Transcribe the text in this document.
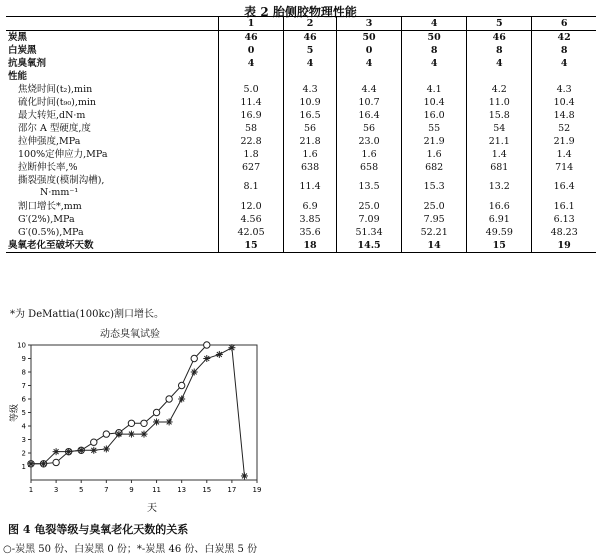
表 2 胎侧胶物理性能
	1	2	3	4	5	6
炭黑	46	46	50	50	46	42
白炭黑	0	5	0	8	8	8
抗臭氧剂	4	4	4	4	4	4
性能						
焦烧时间(t₂),min	5.0	4.3	4.4	4.1	4.2	4.3
硫化时间(t₉₀),min	11.4	10.9	10.7	10.4	11.0	10.4
最大转矩,dN·m	16.9	16.5	16.4	16.0	15.8	14.8
邵尔 A 型硬度,度	58	56	56	55	54	52
拉伸强度,MPa	22.8	21.8	23.0	21.9	21.1	21.9
100%定伸应力,MPa	1.8	1.6	1.6	1.6	1.4	1.4
拉断伸长率,%	627	638	658	682	681	714

撕裂强度(模制沟槽),
N·mm⁻¹	8.1	11.4	13.5	15.3	13.2	16.4
割口增长*,mm	12.0	6.9	25.0	25.0	16.6	16.1
G′(2%),MPa	4.56	3.85	7.09	7.95	6.91	6.13
G′(0.5%),MPa	42.05	35.6	51.34	52.21	49.59	48.23
臭氧老化至破坏天数	15	18	14.5	14	15	19
*为 DeMattia(100kc)割口增长。
动态臭氧试验
1	3	5	7	9	11 13 15 17 19
1
2
3
4
5
6
7
8
9
10
等级
天
图 4 龟裂等级与臭氧老化天数的关系
○-炭黑 50 份、白炭黑 0 份；*-炭黑 46 份、白炭黑 5 份
